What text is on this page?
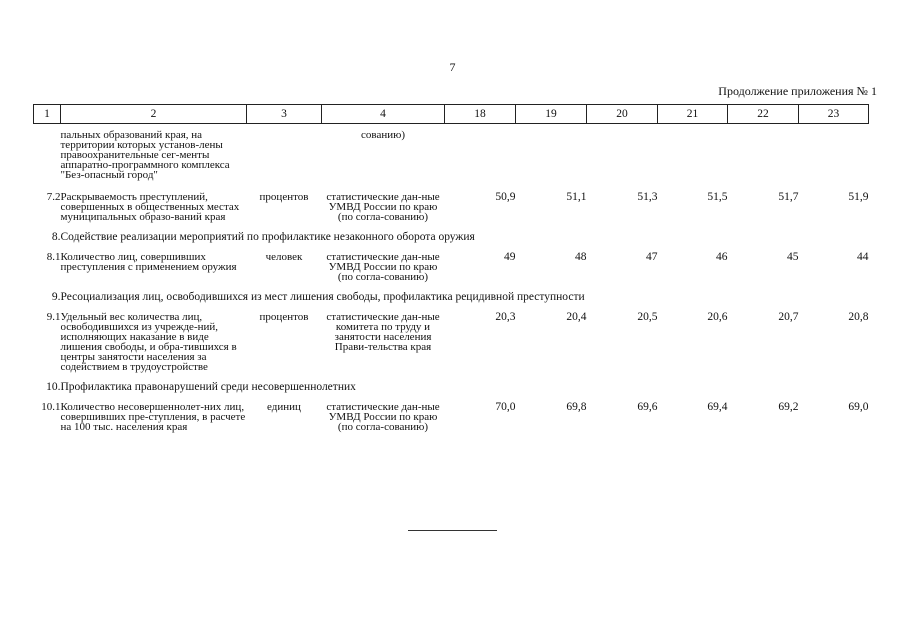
7
Продолжение приложения № 1
1	2	3	4	18	19	20	21	22	23

	пальных образований края, на территории которых установ-лены правоохранительные сег-менты аппаратно-программного комплекса "Без-опасный город"		сованию)						

7.2	Раскрываемость преступлений, совершенных в общественных местах муниципальных образо-ваний края	процентов	статистические дан-ные УМВД России по краю (по согла-сованию)	50,9	51,1	51,3	51,5	51,7	51,9

8.	Содействие реализации мероприятий по профилактике незаконного оборота оружия								

8.1	Количество лиц, совершивших преступления с применением оружия	человек	статистические дан-ные УМВД России по краю (по согла-сованию)	49	48	47	46	45	44

9.	Ресоциализация лиц, освободившихся из мест лишения свободы, профилактика рецидивной преступности								

9.1	Удельный вес количества лиц, освободившихся из учрежде-ний, исполняющих наказание в виде лишения свободы, и обра-тившихся в центры занятости населения за содействием в трудоустройстве	процентов	статистические дан-ные комитета по труду и занятости населения Прави-тельства края	20,3	20,4	20,5	20,6	20,7	20,8

10.	Профилактика правонарушений среди несовершеннолетних								

10.1	Количество несовершеннолет-них лиц, совершивших пре-ступления, в расчете на 100 тыс. населения края	единиц	статистические дан-ные УМВД России по краю (по согла-сованию)	70,0	69,8	69,6	69,4	69,2	69,0
